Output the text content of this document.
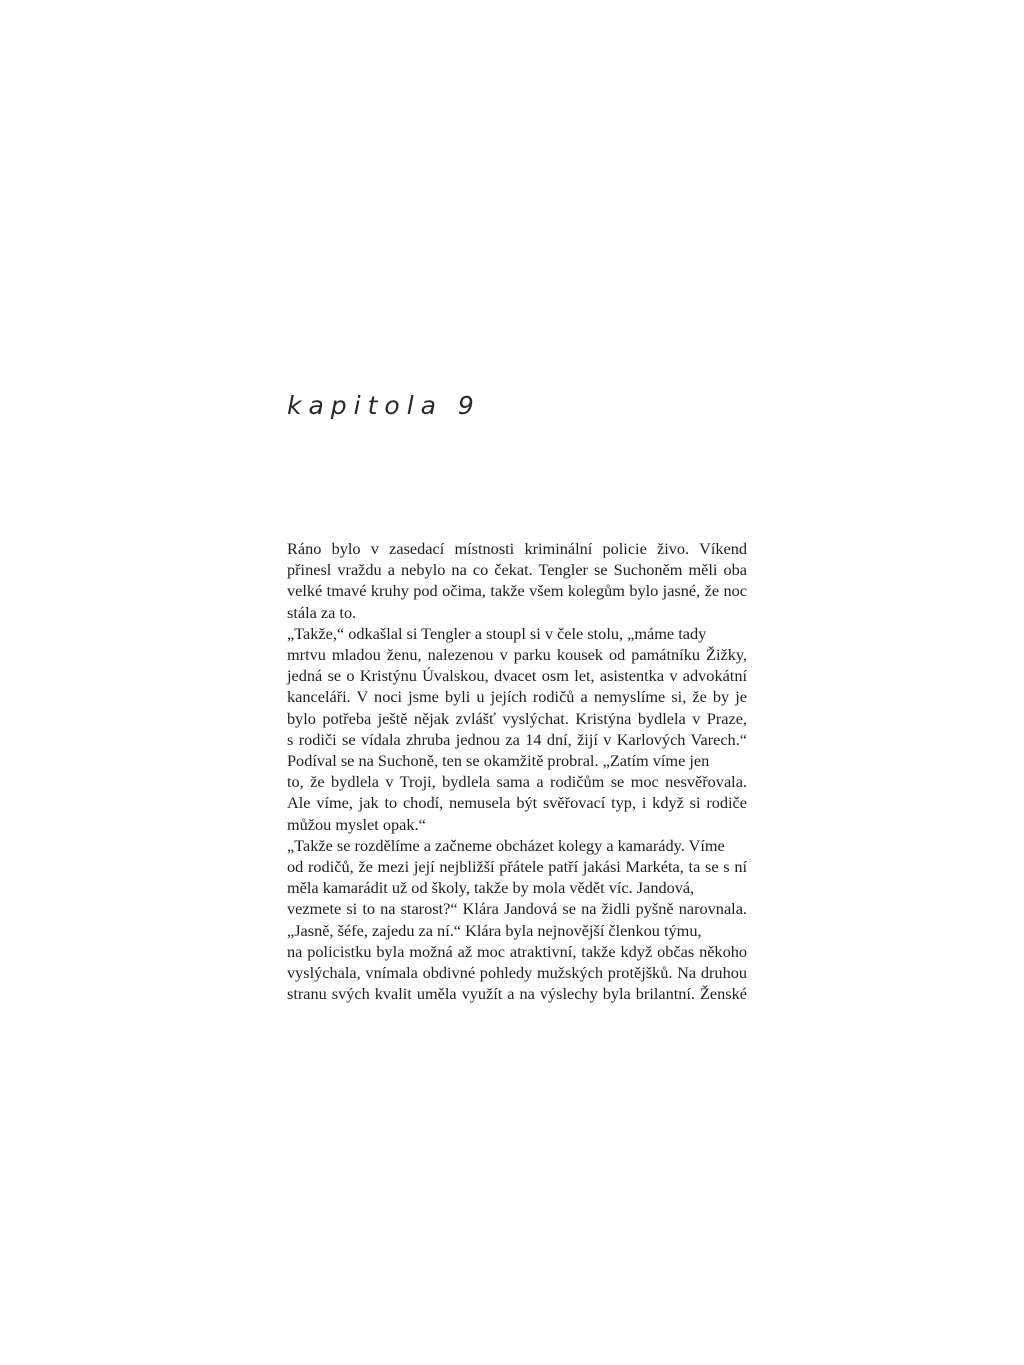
kapitola 9
Ráno bylo v zasedací místnosti kriminální policie živo. Víkend
přinesl vraždu a nebylo na co čekat. Tengler se Suchoněm měli oba
velké tmavé kruhy pod očima, takže všem kolegům bylo jasné, že noc
stála za to.
„Takže,“ odkašlal si Tengler a stoupl si v čele stolu, „máme tady
mrtvu mladou ženu, nalezenou v parku kousek od památníku Žižky,
jedná se o Kristýnu Úvalskou, dvacet osm let, asistentka v advokátní
kanceláři. V noci jsme byli u jejích rodičů a nemyslíme si, že by je
bylo potřeba ještě nějak zvlášť vyslýchat. Kristýna bydlela v Praze,
s rodiči se vídala zhruba jednou za 14 dní, žijí v Karlových Varech.“
Podíval se na Suchoně, ten se okamžitě probral. „Zatím víme jen
to, že bydlela v Troji, bydlela sama a rodičům se moc nesvěřovala.
Ale víme, jak to chodí, nemusela být svěřovací typ, i když si rodiče
můžou myslet opak.“
„Takže se rozdělíme a začneme obcházet kolegy a kamarády. Víme
od rodičů, že mezi její nejbližší přátele patří jakási Markéta, ta se s ní
měla kamarádit už od školy, takže by mola vědět víc. Jandová,
vezmete si to na starost?“ Klára Jandová se na židli pyšně narovnala.
„Jasně, šéfe, zajedu za ní.“ Klára byla nejnovější členkou týmu,
na policistku byla možná až moc atraktivní, takže když občas někoho
vyslýchala, vnímala obdivné pohledy mužských protějšků. Na druhou
stranu svých kvalit uměla využít a na výslechy byla brilantní. Ženské
